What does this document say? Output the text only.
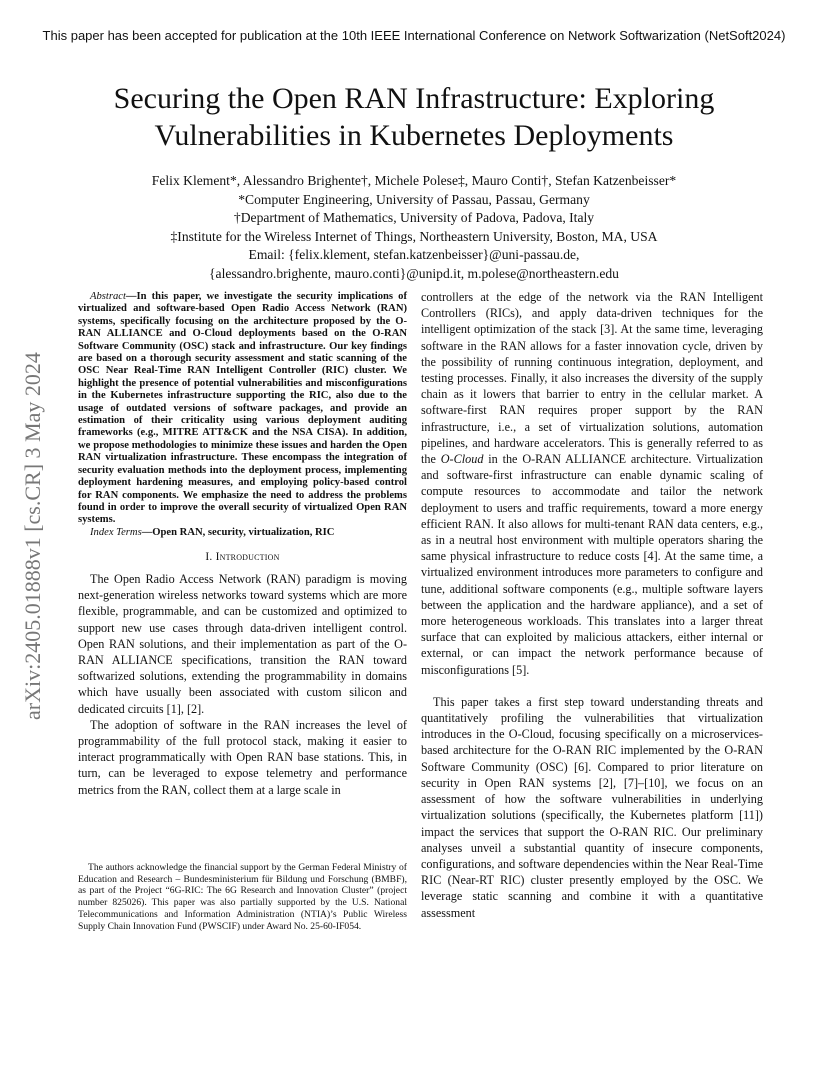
This paper has been accepted for publication at the 10th IEEE International Conference on Network Softwarization (NetSoft2024)
arXiv:2405.01888v1 [cs.CR] 3 May 2024
Securing the Open RAN Infrastructure: Exploring Vulnerabilities in Kubernetes Deployments
Felix Klement*, Alessandro Brighente†, Michele Polese‡, Mauro Conti†, Stefan Katzenbeisser*
*Computer Engineering, University of Passau, Passau, Germany
†Department of Mathematics, University of Padova, Padova, Italy
‡Institute for the Wireless Internet of Things, Northeastern University, Boston, MA, USA
Email: {felix.klement, stefan.katzenbeisser}@uni-passau.de,
{alessandro.brighente, mauro.conti}@unipd.it, m.polese@northeastern.edu

Abstract—In this paper, we investigate the security implications of virtualized and software-based Open Radio Access Network (RAN) systems, specifically focusing on the architecture proposed by the O-RAN ALLIANCE and O-Cloud deployments based on the O-RAN Software Community (OSC) stack and infrastructure. Our key findings are based on a thorough security assessment and static scanning of the OSC Near Real-Time RAN Intelligent Controller (RIC) cluster. We highlight the presence of potential vulnerabilities and misconfigurations in the Kubernetes infrastructure supporting the RIC, also due to the usage of outdated versions of software packages, and provide an estimation of their criticality using various deployment auditing frameworks (e.g., MITRE ATT&CK and the NSA CISA). In addition, we propose methodologies to minimize these issues and harden the Open RAN virtualization infrastructure. These encompass the integration of security evaluation methods into the deployment process, implementing deployment hardening measures, and employing policy-based control for RAN components. We emphasize the need to address the problems found in order to improve the overall security of virtualized Open RAN systems.

Index Terms—Open RAN, security, virtualization, RIC

I. Introduction

The Open Radio Access Network (RAN) paradigm is moving next-generation wireless networks toward systems which are more flexible, programmable, and can be customized and optimized to support new use cases through data-driven intelligent control. Open RAN solutions, and their implementation as part of the O-RAN ALLIANCE specifications, transition the RAN toward softwarized solutions, extending the programmability in domains which have usually been associated with custom silicon and dedicated circuits [1], [2].

The adoption of software in the RAN increases the level of programmability of the full protocol stack, making it easier to interact programmatically with Open RAN base stations. This, in turn, can be leveraged to expose telemetry and performance metrics from the RAN, collect them at a large scale in

The authors acknowledge the financial support by the German Federal Ministry of Education and Research – Bundesministerium für Bildung und Forschung (BMBF), as part of the Project “6G-RIC: The 6G Research and Innovation Cluster” (project number 825026). This paper was also partially supported by the U.S. National Telecommunications and Information Administration (NTIA)’s Public Wireless Supply Chain Innovation Fund (PWSCIF) under Award No. 25-60-IF054.

controllers at the edge of the network via the RAN Intelligent Controllers (RICs), and apply data-driven techniques for the intelligent optimization of the stack [3]. At the same time, leveraging software in the RAN allows for a faster innovation cycle, driven by the possibility of running continuous integration, deployment, and testing processes. Finally, it also increases the diversity of the supply chain as it lowers that barrier to entry in the cellular market. A software-first RAN requires proper support by the RAN infrastructure, i.e., a set of virtualization solutions, automation pipelines, and hardware accelerators. This is generally referred to as the O-Cloud in the O-RAN ALLIANCE architecture. Virtualization and software-first infrastructure can enable dynamic scaling of compute resources to accommodate and tailor the network deployment to users and traffic requirements, toward a more energy efficient RAN. It also allows for multi-tenant RAN data centers, e.g., as in a neutral host environment with multiple operators sharing the same physical infrastructure to reduce costs [4]. At the same time, a virtualized environment introduces more parameters to configure and tune, additional software components (e.g., multiple software layers between the application and the hardware appliance), and a set of more heterogeneous workloads. This translates into a larger threat surface that can exploited by malicious attackers, either internal or external, or can impact the network performance because of misconfigurations [5].

This paper takes a first step toward understanding threats and quantitatively profiling the vulnerabilities that virtualization introduces in the O-Cloud, focusing specifically on a microservices-based architecture for the O-RAN RIC implemented by the O-RAN Software Community (OSC) [6]. Compared to prior literature on security in Open RAN systems [2], [7]–[10], we focus on an assessment of how the software vulnerabilities in underlying virtualization solutions (specifically, the Kubernetes platform [11]) impact the services that support the O-RAN RIC. Our preliminary analyses unveil a substantial quantity of insecure components, configurations, and software dependencies within the Near Real-Time RIC (Near-RT RIC) cluster presently employed by the OSC. We leverage static scanning and combine it with a quantitative assessment
